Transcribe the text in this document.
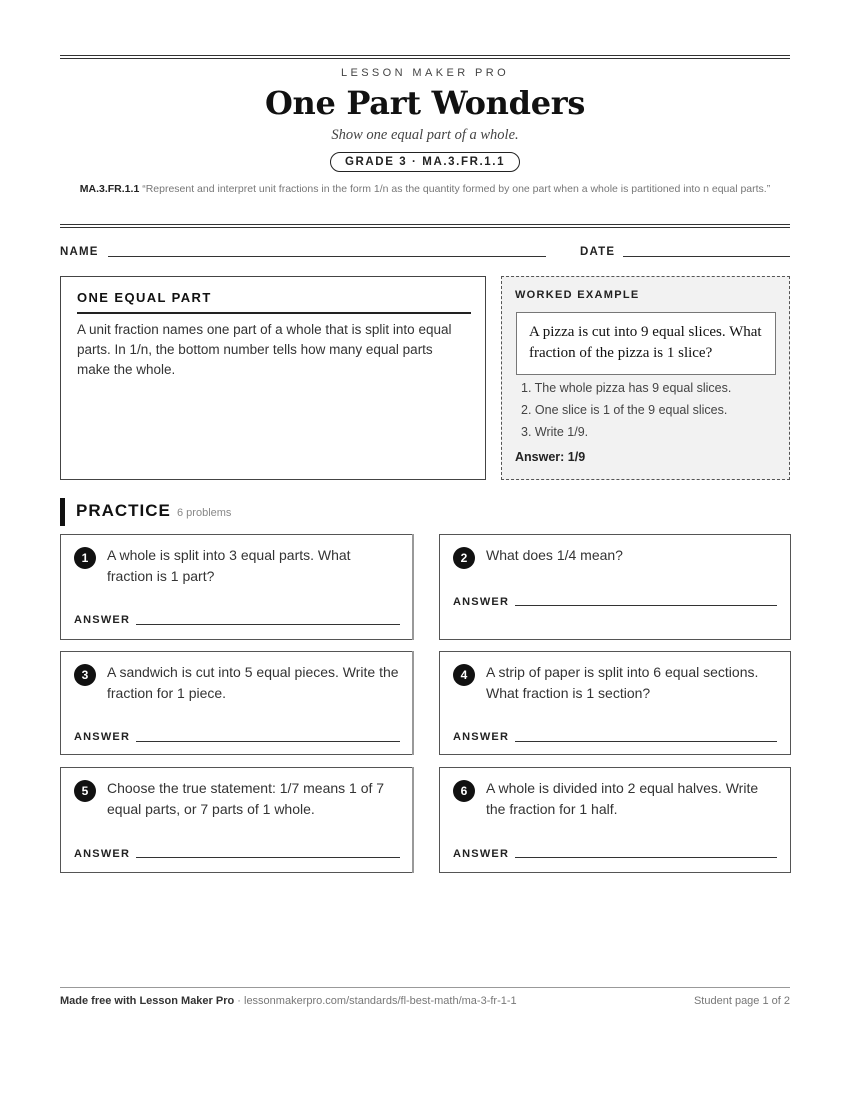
LESSON MAKER PRO
One Part Wonders
Show one equal part of a whole.
GRADE 3 · MA.3.FR.1.1
MA.3.FR.1.1 “Represent and interpret unit fractions in the form 1/n as the quantity formed by one part when a whole is partitioned into n equal parts.”
NAME	DATE
ONE EQUAL PART
A unit fraction names one part of a whole that is split into equal parts. In 1/n, the bottom number tells how many equal parts make the whole.
WORKED EXAMPLE
A pizza is cut into 9 equal slices. What fraction of the pizza is 1 slice?
1. The whole pizza has 9 equal slices.
2. One slice is 1 of the 9 equal slices.
3. Write 1/9.
Answer: 1/9
PRACTICE 6 problems
1	A whole is split into 3 equal parts. What fraction is 1 part?
ANSWER
2	What does 1/4 mean?
ANSWER
3	A sandwich is cut into 5 equal pieces. Write the fraction for 1 piece.
ANSWER
4	A strip of paper is split into 6 equal sections. What fraction is 1 section?
ANSWER
5	Choose the true statement: 1/7 means 1 of 7 equal parts, or 7 parts of 1 whole.
ANSWER
6	A whole is divided into 2 equal halves. Write the fraction for 1 half.
ANSWER
Made free with Lesson Maker Pro · lessonmakerpro.com/standards/fl-best-math/ma-3-fr-1-1	Student page 1 of 2
